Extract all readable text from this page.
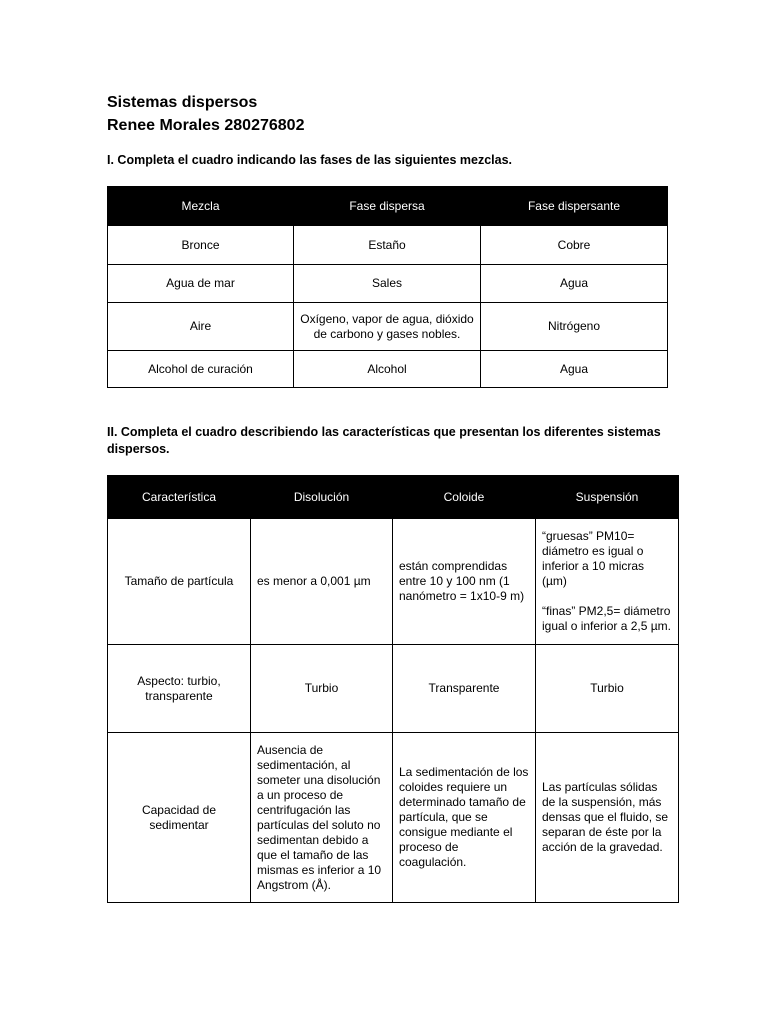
Sistemas dispersos
Renee Morales 280276802

I. Completa el cuadro indicando las fases de las siguientes mezclas.

Mezcla	Fase dispersa	Fase dispersante
Bronce	Estaño	Cobre
Agua de mar	Sales	Agua
Aire	Oxígeno, vapor de agua, dióxido de carbono y gases nobles.	Nitrógeno
Alcohol de curación	Alcohol	Agua

II. Completa el cuadro describiendo las características que presentan los diferentes sistemas dispersos.

Característica	Disolución	Coloide	Suspensión
Tamaño de partícula	es menor a 0,001 µm	están comprendidas entre 10 y 100 nm (1 nanómetro = 1x10-9 m)	“gruesas” PM10= diámetro es igual o inferior a 10 micras (µm)

“finas” PM2,5= diámetro igual o inferior a 2,5 µm.
Aspecto: turbio, transparente	Turbio	Transparente	Turbio
Capacidad de sedimentar	Ausencia de sedimentación, al someter una disolución a un proceso de centrifugación las partículas del soluto no sedimentan debido a que el tamaño de las mismas es inferior a 10 Angstrom (Å).	La sedimentación de los coloides requiere un determinado tamaño de partícula, que se consigue mediante el proceso de coagulación.	Las partículas sólidas de la suspensión, más densas que el fluido, se separan de éste por la acción de la gravedad.
